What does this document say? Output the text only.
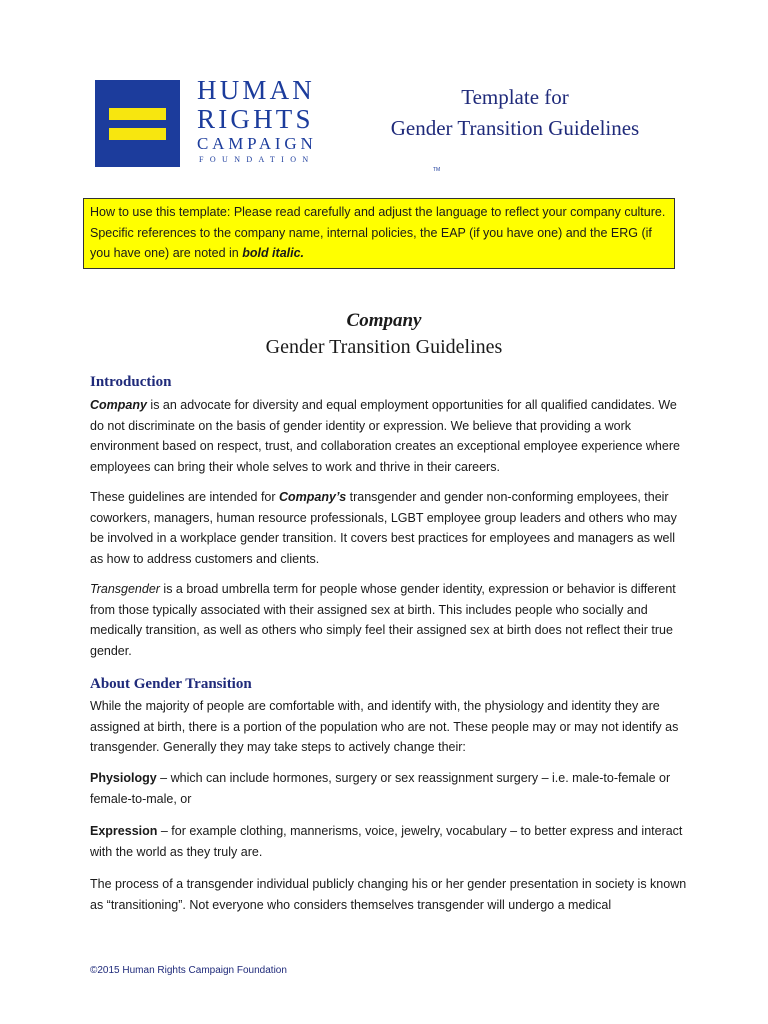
HUMAN
RIGHTS
CAMPAIGN
FOUNDATION
TM
Template for
Gender Transition Guidelines
How to use this template: Please read carefully and adjust the language to reflect your company culture. Specific references to the company name, internal policies, the EAP (if you have one) and the ERG (if you have one) are noted in bold italic.
Company
Gender Transition Guidelines
Introduction
Company is an advocate for diversity and equal employment opportunities for all qualified candidates. We do not discriminate on the basis of gender identity or expression. We believe that providing a work environment based on respect, trust, and collaboration creates an exceptional employee experience where employees can bring their whole selves to work and thrive in their careers.
These guidelines are intended for Company’s transgender and gender non-conforming employees, their coworkers, managers, human resource professionals, LGBT employee group leaders and others who may be involved in a workplace gender transition. It covers best practices for employees and managers as well as how to address customers and clients.
Transgender is a broad umbrella term for people whose gender identity, expression or behavior is different from those typically associated with their assigned sex at birth. This includes people who socially and medically transition, as well as others who simply feel their assigned sex at birth does not reflect their true gender.
About Gender Transition
While the majority of people are comfortable with, and identify with, the physiology and identity they are assigned at birth, there is a portion of the population who are not. These people may or may not identify as transgender. Generally they may take steps to actively change their:
Physiology – which can include hormones, surgery or sex reassignment surgery – i.e. male-to-female or female-to-male, or
Expression – for example clothing, mannerisms, voice, jewelry, vocabulary – to better express and interact with the world as they truly are.
The process of a transgender individual publicly changing his or her gender presentation in society is known as “transitioning”. Not everyone who considers themselves transgender will undergo a medical
©2015 Human Rights Campaign Foundation
